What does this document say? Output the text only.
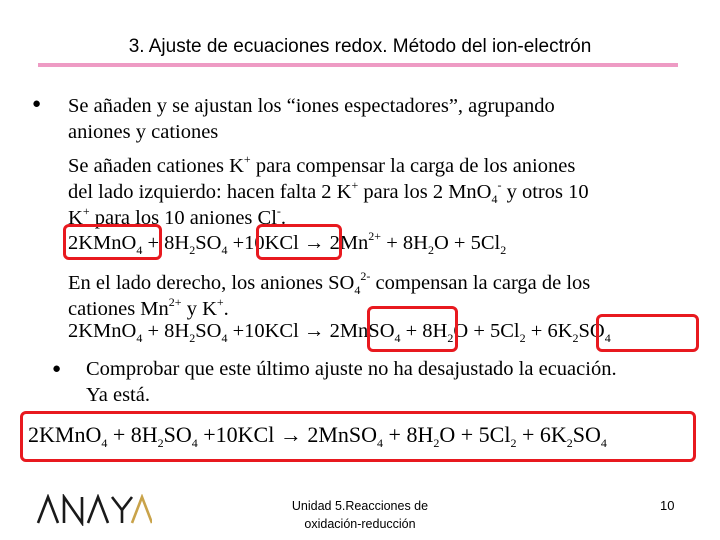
3. Ajuste de ecuaciones redox. Método del ion-electrón
● Se añaden y se ajustan los “iones espectadores”, agrupando
aniones y cationes
Se añaden cationes K+ para compensar la carga de los aniones
del lado izquierdo: hacen falta 2 K+ para los 2 MnO$_4$- y otros 10
K+ para los 10 aniones Cl-.
2KMnO$_4$ + $8H_2SO_4 +10KCl \to 2Mn^{2+} + 8H_2O + 5Cl_2$
En el lado derecho, los aniones $SO_4^{2-}$ compensan la carga de los
cationes $Mn^{2+}$ y K+.
2KMnO$_4$ + $8H_2SO_4 +10KCl$ → 2MnSO$_4$ + $8H_2O + 5Cl_2 + 6K_2SO_4$
● Comprobar que este último ajuste no ha desajustado la ecuación.
Ya está.
2KMnO$_4$ + $8H_2SO_4 +10KCl$ → 2MnSO$_4$ + $8H_2O + 5Cl_2 + 6K_2SO_4$
ANAYA
Unidad 5.Reacciones de
oxidación-reducción
10
